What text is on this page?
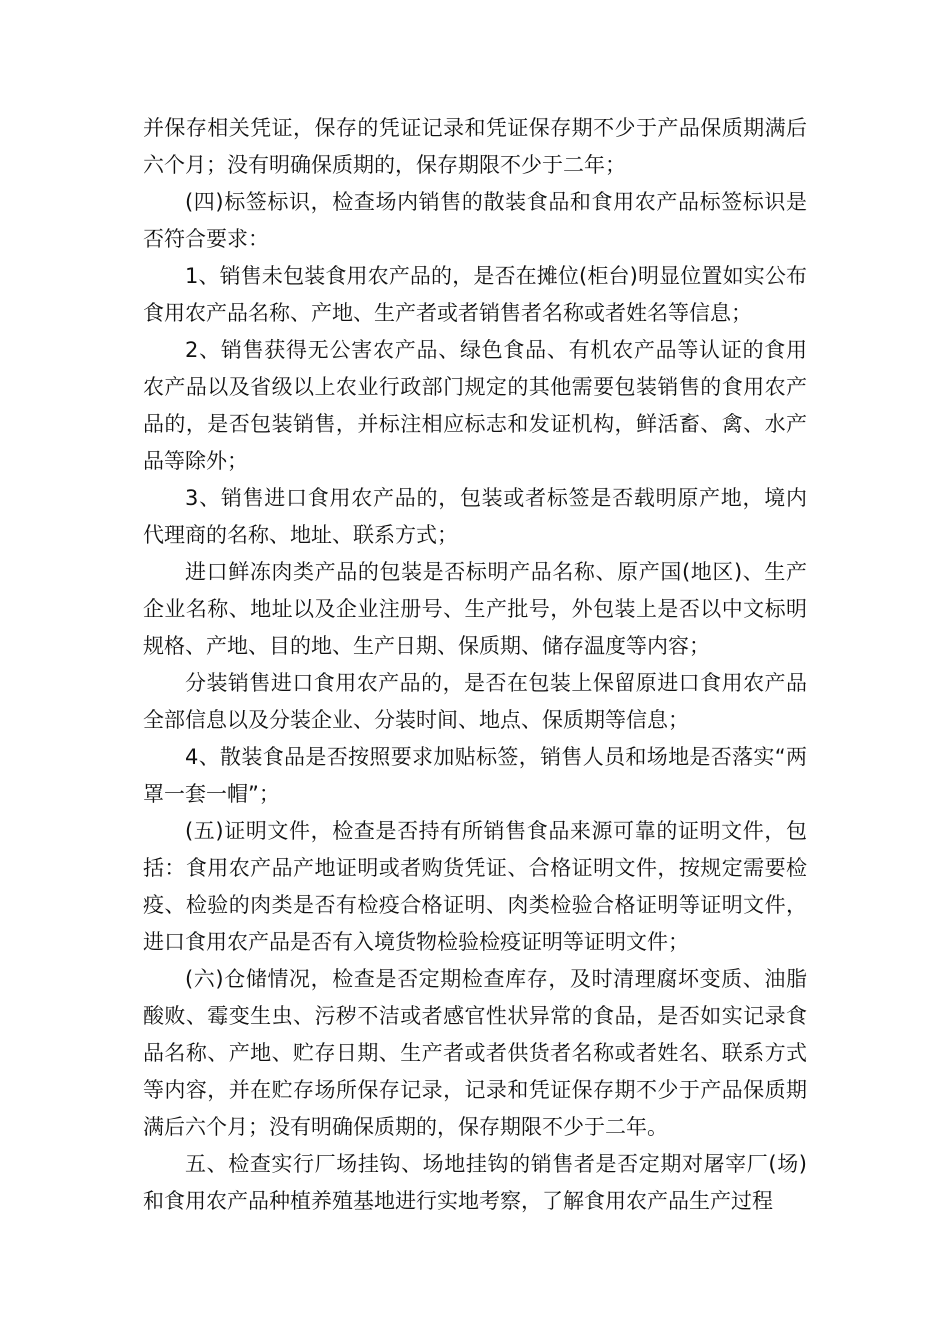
并保存相关凭证，保存的凭证记录和凭证保存期不少于产品保质期满后六个月；没有明确保质期的，保存期限不少于二年；

(四)标签标识，检查场内销售的散装食品和食用农产品标签标识是否符合要求：

1、销售未包装食用农产品的，是否在摊位(柜台)明显位置如实公布食用农产品名称、产地、生产者或者销售者名称或者姓名等信息；

2、销售获得无公害农产品、绿色食品、有机农产品等认证的食用农产品以及省级以上农业行政部门规定的其他需要包装销售的食用农产品的，是否包装销售，并标注相应标志和发证机构，鲜活畜、禽、水产品等除外；

3、销售进口食用农产品的，包装或者标签是否载明原产地，境内代理商的名称、地址、联系方式；

进口鲜冻肉类产品的包装是否标明产品名称、原产国(地区)、生产企业名称、地址以及企业注册号、生产批号，外包装上是否以中文标明规格、产地、目的地、生产日期、保质期、储存温度等内容；

分装销售进口食用农产品的，是否在包装上保留原进口食用农产品全部信息以及分装企业、分装时间、地点、保质期等信息；

4、散装食品是否按照要求加贴标签，销售人员和场地是否落实“两罩一套一帽”；

(五)证明文件，检查是否持有所销售食品来源可靠的证明文件，包括：食用农产品产地证明或者购货凭证、合格证明文件，按规定需要检疫、检验的肉类是否有检疫合格证明、肉类检验合格证明等证明文件，进口食用农产品是否有入境货物检验检疫证明等证明文件；

(六)仓储情况，检查是否定期检查库存，及时清理腐坏变质、油脂酸败、霉变生虫、污秽不洁或者感官性状异常的食品，是否如实记录食品名称、产地、贮存日期、生产者或者供货者名称或者姓名、联系方式等内容，并在贮存场所保存记录，记录和凭证保存期不少于产品保质期满后六个月；没有明确保质期的，保存期限不少于二年。

五、检查实行厂场挂钩、场地挂钩的销售者是否定期对屠宰厂(场)和食用农产品种植养殖基地进行实地考察，了解食用农产品生产过程
